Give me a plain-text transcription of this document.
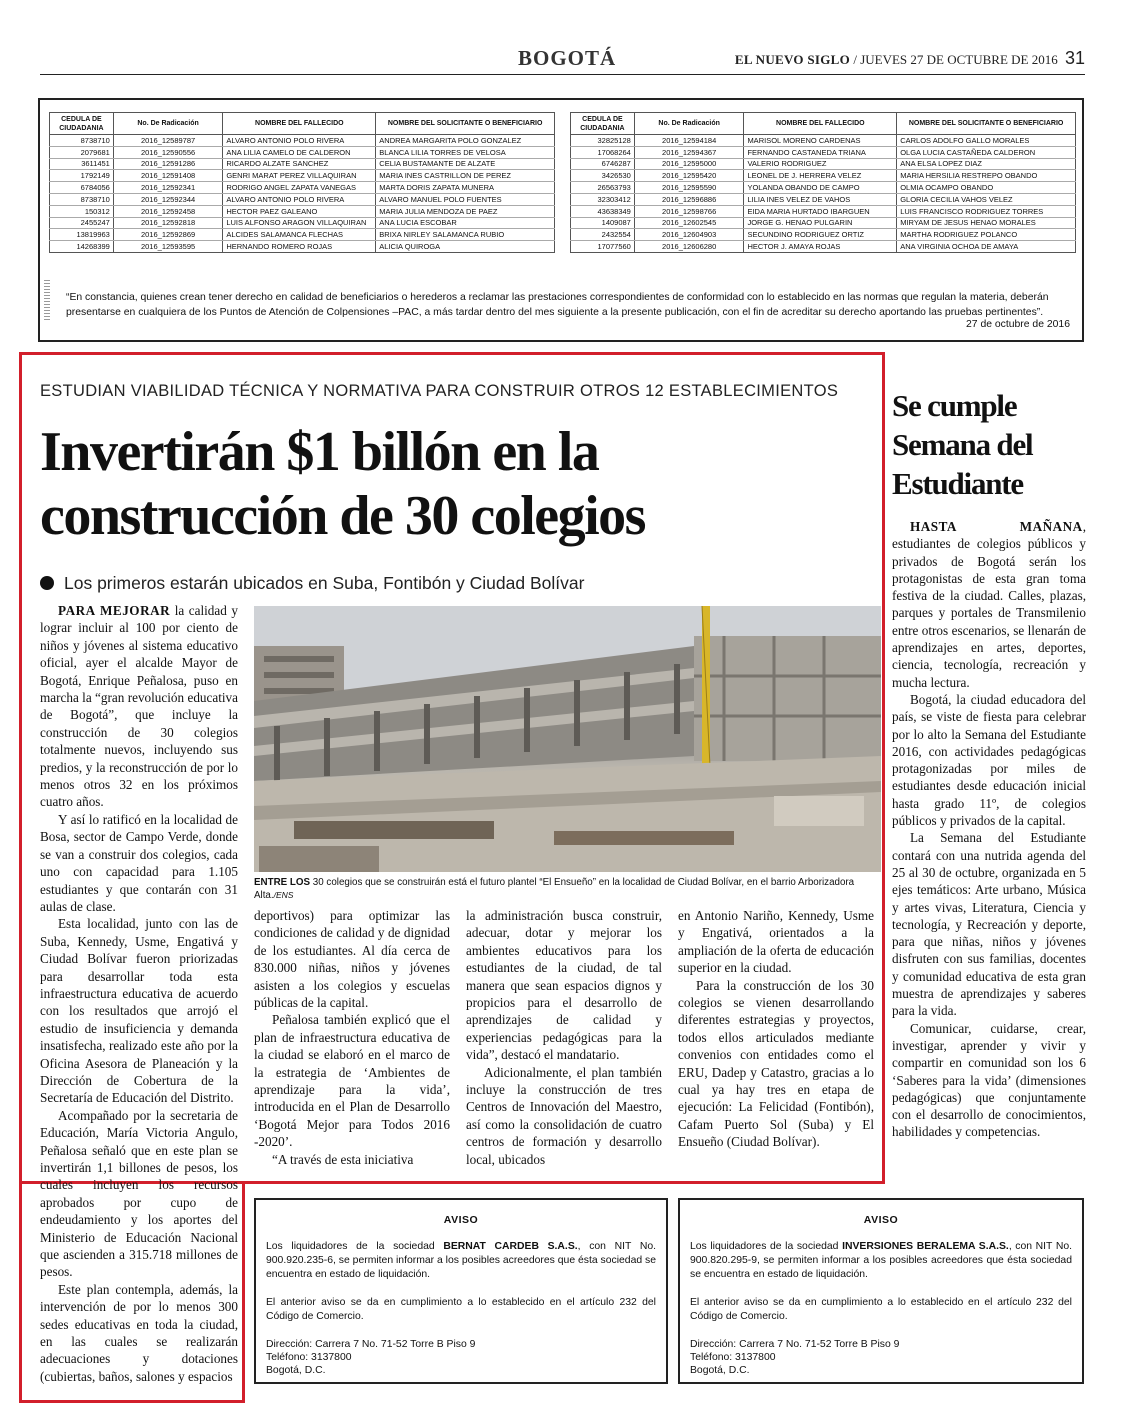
BOGOTÁ	EL NUEVO SIGLO / JUEVES 27 DE OCTUBRE DE 2016 31
CEDULA DE CIUDADANIA	No. De Radicación	NOMBRE DEL FALLECIDO	NOMBRE DEL SOLICITANTE O BENEFICIARIO
8738710	2016_12589787	ALVARO ANTONIO POLO RIVERA	ANDREA MARGARITA POLO GONZALEZ
2079681	2016_12590556	ANA LILIA CAMELO DE CALDERON	BLANCA LILIA TORRES DE VELOSA
3611451	2016_12591286	RICARDO ALZATE SANCHEZ	CELIA BUSTAMANTE DE ALZATE
1792149	2016_12591408	GENRI MARAT PEREZ VILLAQUIRAN	MARIA INES CASTRILLON DE PEREZ
6784056	2016_12592341	RODRIGO ANGEL ZAPATA VANEGAS	MARTA DORIS ZAPATA MUNERA
8738710	2016_12592344	ALVARO ANTONIO POLO RIVERA	ALVARO MANUEL POLO FUENTES
150312	2016_12592458	HECTOR PAEZ GALEANO	MARIA JULIA MENDOZA DE PAEZ
2455247	2016_12592818	LUIS ALFONSO ARAGON VILLAQUIRAN	ANA LUCIA ESCOBAR
13819963	2016_12592869	ALCIDES SALAMANCA FLECHAS	BRIXA NIRLEY SALAMANCA RUBIO
14268399	2016_12593595	HERNANDO ROMERO ROJAS	ALICIA QUIROGA
CEDULA DE CIUDADANIA	No. De Radicación	NOMBRE DEL FALLECIDO	NOMBRE DEL SOLICITANTE O BENEFICIARIO
32825128	2016_12594184	MARISOL MORENO CARDENAS	CARLOS ADOLFO GALLO MORALES
17068264	2016_12594367	FERNANDO CASTANEDA TRIANA	OLGA LUCIA CASTAÑEDA CALDERON
6746287	2016_12595000	VALERIO RODRIGUEZ	ANA ELSA LOPEZ DIAZ
3426530	2016_12595420	LEONEL DE J. HERRERA VELEZ	MARIA HERSILIA RESTREPO OBANDO
26563793	2016_12595590	YOLANDA OBANDO DE CAMPO	OLMIA OCAMPO OBANDO
32303412	2016_12596886	LILIA INES VELEZ DE VAHOS	GLORIA CECILIA VAHOS VELEZ
43638349	2016_12598766	EIDA MARIA HURTADO IBARGUEN	LUIS FRANCISCO RODRIGUEZ TORRES
1409087	2016_12602545	JORGE G. HENAO PULGARIN	MIRYAM DE JESUS HENAO MORALES
2432554	2016_12604903	SECUNDINO RODRIGUEZ ORTIZ	MARTHA RODRIGUEZ POLANCO
17077560	2016_12606280	HECTOR J. AMAYA ROJAS	ANA VIRGINIA OCHOA DE AMAYA
“En constancia, quienes crean tener derecho en calidad de beneficiarios o herederos a reclamar las prestaciones correspondientes de conformidad con lo establecido en las normas que regulan la materia, deberán presentarse en cualquiera de los Puntos de Atención de Colpensiones –PAC, a más tardar dentro del mes siguiente a la presente publicación, con el fin de acreditar su derecho aportando las pruebas pertinentes”.
27 de octubre de 2016
ESTUDIAN VIABILIDAD TÉCNICA Y NORMATIVA PARA CONSTRUIR OTROS 12 ESTABLECIMIENTOS
Invertirán $1 billón en la construcción de 30 colegios
Los primeros estarán ubicados en Suba, Fontibón y Ciudad Bolívar

PARA MEJORAR la calidad y lograr incluir al 100 por ciento de niños y jóvenes al sistema educativo oficial, ayer el alcalde Mayor de Bogotá, Enrique Peñalosa, puso en marcha la “gran revolución educativa de Bogotá”, que incluye la construcción de 30 colegios totalmente nuevos, incluyendo sus predios, y la reconstrucción de por lo menos otros 32 en los próximos cuatro años.

Y así lo ratificó en la localidad de Bosa, sector de Campo Verde, donde se van a construir dos colegios, cada uno con capacidad para 1.105 estudiantes y que contarán con 31 aulas de clase.

Esta localidad, junto con las de Suba, Kennedy, Usme, Engativá y Ciudad Bolívar fueron priorizadas para desarrollar toda esta infraestructura educativa de acuerdo con los resultados que arrojó el estudio de insuficiencia y demanda insatisfecha, realizado este año por la Oficina Asesora de Planeación y la Dirección de Cobertura de la Secretaría de Educación del Distrito.

Acompañado por la secretaria de Educación, María Victoria Angulo, Peñalosa señaló que en este plan se invertirán 1,1 billones de pesos, los cuales incluyen los recursos aprobados por cupo de endeudamiento y los aportes del Ministerio de Educación Nacional que ascienden a 315.718 millones de pesos.

Este plan contempla, además, la intervención de por lo menos 300 sedes educativas en toda la ciudad, en las cuales se realizarán adecuaciones y dotaciones (cubiertas, baños, salones y espacios

ENTRE LOS 30 colegios que se construirán está el futuro plantel “El Ensueño” en la localidad de Ciudad Bolívar, en el barrio Arborizadora Alta./ENS

deportivos) para optimizar las condiciones de calidad y de dignidad de los estudiantes. Al día cerca de 830.000 niñas, niños y jóvenes asisten a los colegios y escuelas públicas de la capital.

Peñalosa también explicó que el plan de infraestructura educativa de la ciudad se elaboró en el marco de la estrategia de ‘Ambientes de aprendizaje para la vida’, introducida en el Plan de Desarrollo ‘Bogotá Mejor para Todos 2016 -2020’.

“A través de esta iniciativa

la administración busca construir, adecuar, dotar y mejorar los ambientes educativos para los estudiantes de la ciudad, de tal manera que sean espacios dignos y propicios para el desarrollo de aprendizajes de calidad y experiencias pedagógicas para la vida”, destacó el mandatario.

Adicionalmente, el plan también incluye la construcción de tres Centros de Innovación del Maestro, así como la consolidación de cuatro centros de formación y desarrollo local, ubicados

en Antonio Nariño, Kennedy, Usme y Engativá, orientados a la ampliación de la oferta de educación superior en la ciudad.

Para la construcción de los 30 colegios se vienen desarrollando diferentes estrategias y proyectos, todos ellos articulados mediante convenios con entidades como el ERU, Dadep y Catastro, gracias a lo cual ya hay tres en etapa de ejecución: La Felicidad (Fontibón), Cafam Puerto Sol (Suba) y El Ensueño (Ciudad Bolívar).

Se cumple Semana del Estudiante

HASTA MAÑANA, estudiantes de colegios públicos y privados de Bogotá serán los protagonistas de esta gran toma festiva de la ciudad. Calles, plazas, parques y portales de Transmilenio entre otros escenarios, se llenarán de aprendizajes en artes, deportes, ciencia, tecnología, recreación y mucha lectura.

Bogotá, la ciudad educadora del país, se viste de fiesta para celebrar por lo alto la Semana del Estudiante 2016, con actividades pedagógicas protagonizadas por miles de estudiantes desde educación inicial hasta grado 11º, de colegios públicos y privados de la capital.

La Semana del Estudiante contará con una nutrida agenda del 25 al 30 de octubre, organizada en 5 ejes temáticos: Arte urbano, Música y artes vivas, Literatura, Ciencia y tecnología, y Recreación y deporte, para que niñas, niños y jóvenes disfruten con sus familias, docentes y comunidad educativa de esta gran muestra de aprendizajes y saberes para la vida.

Comunicar, cuidarse, crear, investigar, aprender y vivir y compartir en comunidad son los 6 ‘Saberes para la vida’ (dimensiones pedagógicas) que conjuntamente con el desarrollo de conocimientos, habilidades y competencias.

AVISO

Los liquidadores de la sociedad BERNAT CARDEB S.A.S., con NIT No. 900.920.235-6, se permiten informar a los posibles acreedores que ésta sociedad se encuentra en estado de liquidación.

El anterior aviso se da en cumplimiento a lo establecido en el artículo 232 del Código de Comercio.

Dirección: Carrera 7 No. 71-52 Torre B Piso 9
Teléfono: 3137800
Bogotá, D.C.
AVISO

Los liquidadores de la sociedad INVERSIONES BERALEMA S.A.S., con NIT No. 900.820.295-9, se permiten informar a los posibles acreedores que ésta sociedad se encuentra en estado de liquidación.

El anterior aviso se da en cumplimiento a lo establecido en el artículo 232 del Código de Comercio.

Dirección: Carrera 7 No. 71-52 Torre B Piso 9
Teléfono: 3137800
Bogotá, D.C.
